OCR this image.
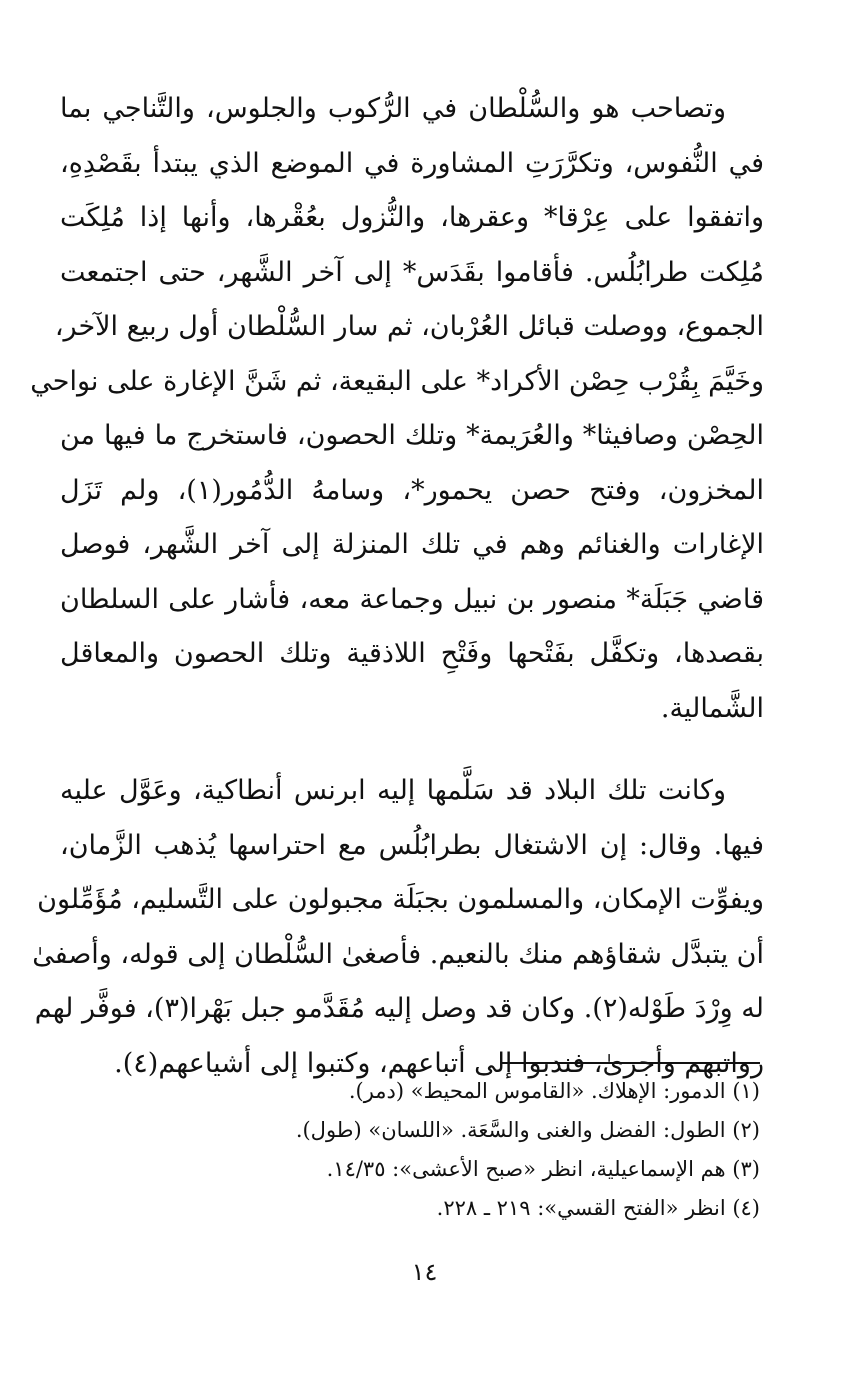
وتصاحب هو والسُّلْطان في الرُّكوب والجلوس، والتَّناجي بما
في النُّفوس، وتكرَّرَتِ المشاورة في الموضع الذي يبتدأ بقَصْدِهِ،
واتفقوا على عِرْقا* وعقرها، والنُّزول بعُقْرها، وأنها إذا مُلِكَت
مُلِكت طرابُلُس. فأقاموا بقَدَس* إلى آخر الشَّهر، حتى اجتمعت
الجموع، ووصلت قبائل العُرْبان، ثم سار السُّلْطان أول ربيع الآخر،
وخَيَّمَ بِقُرْب حِصْن الأكراد* على البقيعة، ثم شَنَّ الإغارة على نواحي
الحِصْن وصافيثا* والعُرَيمة* وتلك الحصون، فاستخرج ما فيها من
المخزون، وفتح حصن يحمور*، وسامهُ الدُّمُور(١)، ولم تَزَل
الإغارات والغنائم وهم في تلك المنزلة إلى آخر الشَّهر، فوصل
قاضي جَبَلَة* منصور بن نبيل وجماعة معه، فأشار على السلطان
بقصدها، وتكفَّل بفَتْحها وفَتْحِ اللاذقية وتلك الحصون والمعاقل
الشَّمالية.

وكانت تلك البلاد قد سَلَّمها إليه ابرنس أنطاكية، وعَوَّل عليه
فيها. وقال: إن الاشتغال بطرابُلُس مع احتراسها يُذهب الزَّمان،
ويفوِّت الإمكان، والمسلمون بجبَلَة مجبولون على التَّسليم، مُؤَمِّلون
أن يتبدَّل شقاؤهم منك بالنعيم. فأصغىٰ السُّلْطان إلى قوله، وأصفىٰ
له وِرْدَ طَوْله(٢). وكان قد وصل إليه مُقَدَّمو جبل بَهْرا(٣)، فوفَّر لهم
رواتبهم وأجرىٰ، فندبوا إلى أتباعهم، وكتبوا إلى أشياعهم(٤).

(١) الدمور: الإهلاك. «القاموس المحيط» (دمر).
(٢) الطول: الفضل والغنى والسَّعَة. «اللسان» (طول).
(٣) هم الإسماعيلية، انظر «صبح الأعشى»: ١٤/٣٥.
(٤) انظر «الفتح القسي»: ٢١٩ ـ ٢٢٨.
١٤
